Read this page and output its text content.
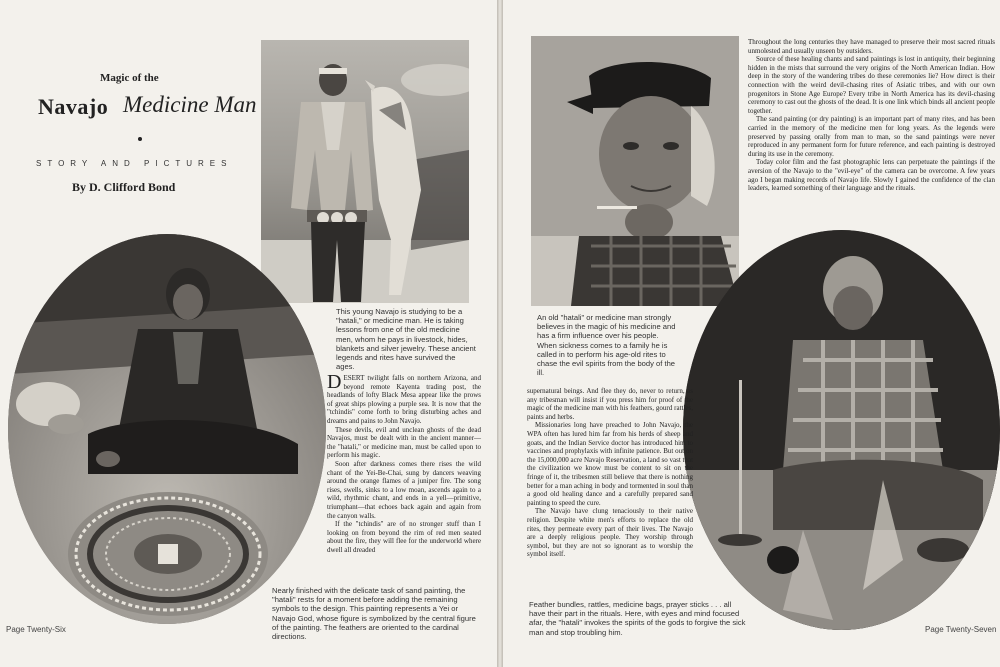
Magic of the
Navajo Medicine Man
STORY AND PICTURES
By D. Clifford Bond

This young Navajo is studying to be a "hatali," or medicine man. He is taking lessons from one of the old medicine men, whom he pays in livestock, hides, blankets and silver jewelry. These ancient legends and rites have survived the ages.

DESERT twilight falls on northern Arizona, and beyond remote Kayenta trading post, the headlands of lofty Black Mesa appear like the prows of great ships plowing a purple sea. It is now that the "tchindis" come forth to bring disturbing aches and dreams and pains to John Navajo.

These devils, evil and unclean ghosts of the dead Navajos, must be dealt with in the ancient manner—the "hatali," or medicine man, must be called upon to perform his magic.

Soon after darkness comes there rises the wild chant of the Yei-Be-Chai, sung by dancers weaving around the orange flames of a juniper fire. The song rises, swells, sinks to a low moan, ascends again to a wild, rhythmic chant, and ends in a yell—primitive, triumphant—that echoes back again and again from the canyon walls.

If the "tchindis" are of no stronger stuff than I looking on from beyond the rim of red men seated about the fire, they will flee for the underworld where dwell all dreaded

Nearly finished with the delicate task of sand painting, the "hatali" rests for a moment before adding the remaining symbols to the design. This painting represents a Yei or Navajo God, whose figure is symbolized by the central figure of the painting. The feathers are oriented to the cardinal directions.

Page Twenty-Six

Throughout the long centuries they have managed to preserve their most sacred rituals unmolested and usually unseen by outsiders.

Source of these healing chants and sand paintings is lost in antiquity, their beginning hidden in the mists that surround the very origins of the North American Indian. How deep in the story of the wandering tribes do these ceremonies lie? How direct is their connection with the weird devil-chasing rites of Asiatic tribes, and with our own progenitors in Stone Age Europe? Every tribe in North America has its devil-chasing ceremony to cast out the ghosts of the dead. It is one link which binds all ancient people together.

The sand painting (or dry painting) is an important part of many rites, and has been carried in the memory of the medicine men for long years. As the legends were preserved by passing orally from man to man, so the sand paintings were never reproduced in any permanent form for future reference, and each painting is destroyed during its use in the ceremony.

Today color film and the fast photographic lens can perpetuate the paintings if the aversion of the Navajo to the "evil-eye" of the camera can be overcome. A few years ago I began making records of Navajo life. Slowly I gained the confidence of the clan leaders, learned something of their language and the rituals.

An old "hatali" or medicine man strongly believes in the magic of his medicine and has a firm influence over his people. When sickness comes to a family he is called in to perform his age-old rites to chase the evil spirits from the body of the ill.

supernatural beings. And flee they do, never to return, as any tribesman will insist if you press him for proof of the magic of the medicine man with his feathers, gourd rattles, paints and herbs.

Missionaries long have preached to John Navajo, the WPA often has lured him far from his herds of sheep and goats, and the Indian Service doctor has introduced him to vaccines and prophylaxis with infinite patience. But out on the 15,000,000 acre Navajo Reservation, a land so vast that the civilization we know must be content to sit on the fringe of it, the tribesmen still believe that there is nothing better for a man aching in body and tormented in soul than a good old healing dance and a carefully prepared sand painting to speed the cure.

The Navajo have clung tenaciously to their native religion. Despite white men's efforts to replace the old rites, they permeate every part of their lives. The Navajo are a deeply religious people. They worship through symbol, but they are not so ignorant as to worship the symbol itself.

Feather bundles, rattles, medicine bags, prayer sticks . . . all have their part in the rituals. Here, with eyes and mind focused afar, the "hatali" invokes the spirits of the gods to forgive the sick man and stop troubling him.	Page Twenty-Seven
